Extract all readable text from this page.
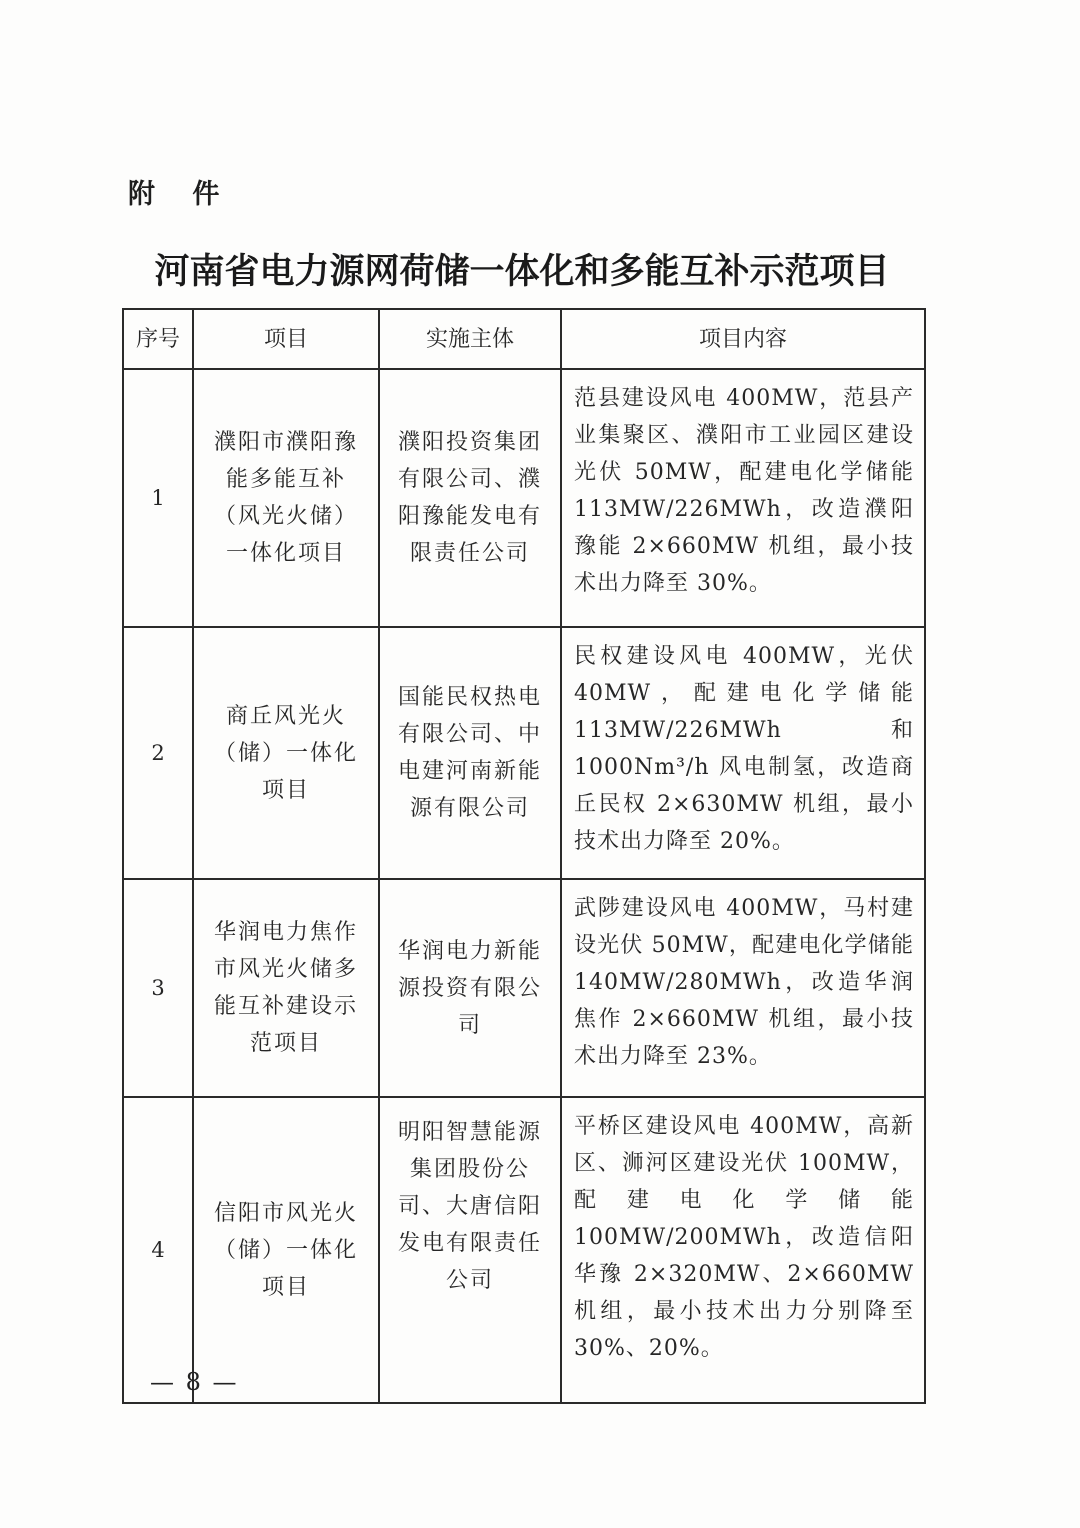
附 件
河南省电力源网荷储一体化和多能互补示范项目
序号	项目	实施主体	项目内容
1	濮阳市濮阳豫能多能互补（风光火储）一体化项目	濮阳投资集团有限公司、濮阳豫能发电有限责任公司	范县建设风电 400MW，范县产业集聚区、濮阳市工业园区建设光伏 50MW，配建电化学储能 113MW/226MWh，改造濮阳豫能 2×660MW 机组，最小技术出力降至 30%。
2	商丘风光火（储）一体化项目	国能民权热电有限公司、中电建河南新能源有限公司	民权建设风电 400MW，光伏 40MW，配建电化学储能 113MW/226MWh 和 1000Nm³/h 风电制氢，改造商丘民权 2×630MW 机组，最小技术出力降至 20%。
3	华润电力焦作市风光火储多能互补建设示范项目	华润电力新能源投资有限公司	武陟建设风电 400MW，马村建设光伏 50MW，配建电化学储能 140MW/280MWh，改造华润焦作 2×660MW 机组，最小技术出力降至 23%。
4	信阳市风光火（储）一体化项目	明阳智慧能源集团股份公司、大唐信阳发电有限责任公司	平桥区建设风电 400MW，高新区、浉河区建设光伏 100MW，配建电化学储能 100MW/200MWh，改造信阳华豫 2×320MW、2×660MW 机组，最小技术出力分别降至 30%、20%。
— 8 —
